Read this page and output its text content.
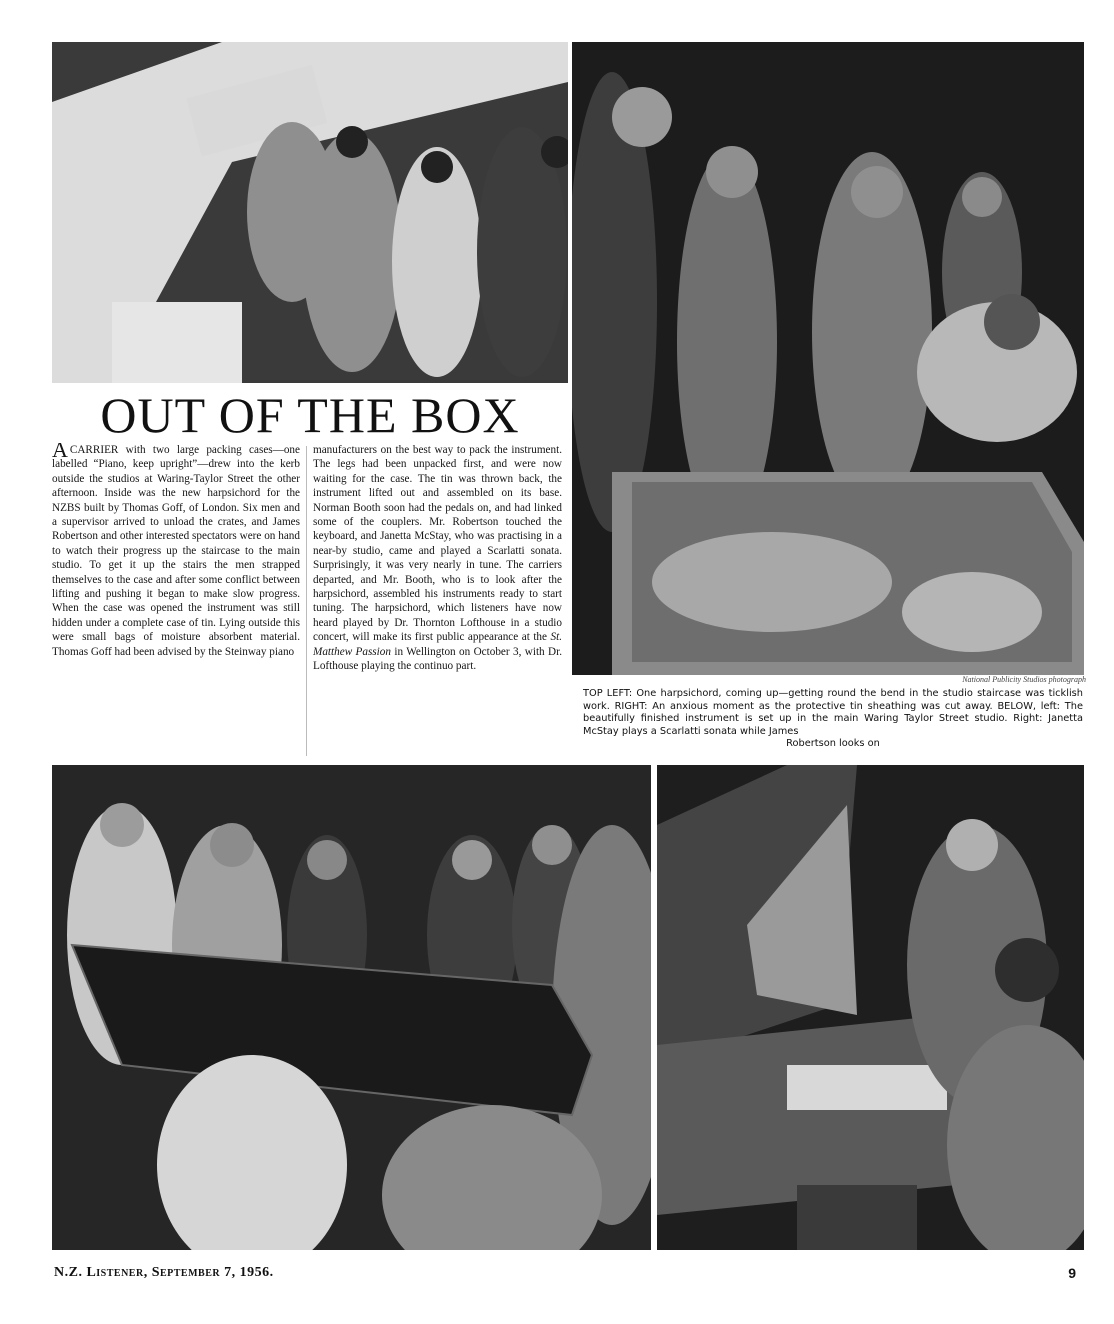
OUT OF THE BOX

ACARRIER with two large packing cases—one labelled “Piano, keep upright”—drew into the kerb outside the studios at Waring-Taylor Street the other afternoon. Inside was the new harpsichord for the NZBS built by Thomas Goff, of London. Six men and a supervisor arrived to unload the crates, and James Robertson and other interested spectators were on hand to watch their progress up the staircase to the main studio. To get it up the stairs the men strapped themselves to the case and after some conflict between lifting and pushing it began to make slow progress. When the case was opened the instrument was still hidden under a complete case of tin. Lying outside this were small bags of moisture absorbent material. Thomas Goff had been advised by the Steinway piano

manufacturers on the best way to pack the instrument. The legs had been unpacked first, and were now waiting for the case. The tin was thrown back, the instrument lifted out and assembled on its base. Norman Booth soon had the pedals on, and had linked some of the couplers. Mr. Robertson touched the keyboard, and Janetta McStay, who was practising in a near-by studio, came and played a Scarlatti sonata. Surprisingly, it was very nearly in tune. The carriers departed, and Mr. Booth, who is to look after the harpsichord, assembled his instruments ready to start tuning. The harpsichord, which listeners have now heard played by Dr. Thornton Lofthouse in a studio concert, will make its first public appearance at the St. Matthew Passion in Wellington on October 3, with Dr. Lofthouse playing the continuo part.

National Publicity Studios photograph

TOP LEFT: One harpsichord, coming up—getting round the bend in the studio staircase was ticklish work. RIGHT: An anxious moment as the protective tin sheathing was cut away. BELOW, left: The beautifully finished instrument is set up in the main Waring Taylor Street studio. Right: Janetta McStay plays a Scarlatti sonata while James
Robertson looks on

N.Z. Listener, September 7, 1956.	9
